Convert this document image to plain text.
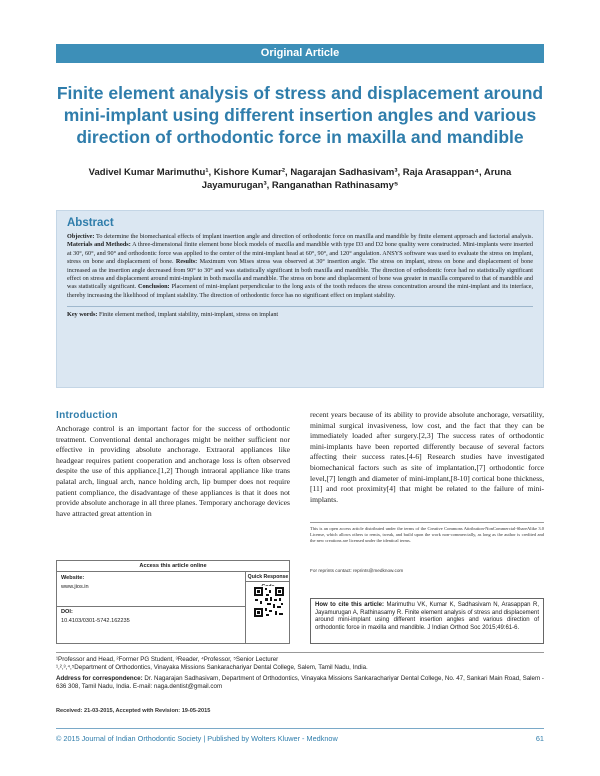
Original Article
Finite element analysis of stress and displacement around mini-implant using different insertion angles and various direction of orthodontic force in maxilla and mandible
Vadivel Kumar Marimuthu¹, Kishore Kumar², Nagarajan Sadhasivam³, Raja Arasappan⁴, Aruna Jayamurugan³, Ranganathan Rathinasamy⁵
Abstract

Objective: To determine the biomechanical effects of implant insertion angle and direction of orthodontic force on maxilla and mandible by finite element approach and factorial analysis. Materials and Methods: A three-dimensional finite element bone block models of maxilla and mandible with type D3 and D2 bone quality were constructed. Mini-implants were inserted at 30°, 60°, and 90° and orthodontic force was applied to the center of the mini-implant head at 60°, 90°, and 120° angulation. ANSYS software was used to evaluate the stress on implant, stress on bone and displacement of bone. Results: Maximum von Mises stress was observed at 30° insertion angle. The stress on implant, stress on bone and displacement of bone increased as the insertion angle decreased from 90° to 30° and was statistically significant in both maxilla and mandible. The direction of orthodontic force had no statistically significant effect on stress and displacement around mini-implant in both maxilla and mandible. The stress on bone and displacement of bone was greater in maxilla compared to that of mandible and was statistically significant. Conclusion: Placement of mini-implant perpendicular to the long axis of the tooth reduces the stress concentration around the mini-implant and its interface, thereby increasing the likelihood of implant stability. The direction of orthodontic force has no significant effect on implant stability.

Key words: Finite element method, implant stability, mini-implant, stress on implant

Introduction

Anchorage control is an important factor for the success of orthodontic treatment. Conventional dental anchorages might be neither sufficient nor effective in providing absolute anchorage. Extraoral appliances like headgear requires patient cooperation and anchorage loss is often observed despite the use of this appliance.[1,2] Though intraoral appliance like trans palatal arch, lingual arch, nance holding arch, lip bumper does not require patient compliance, the disadvantage of these appliances is that it does not provide absolute anchorage in all three planes. Temporary anchorage devices have attracted great attention in

recent years because of its ability to provide absolute anchorage, versatility, minimal surgical invasiveness, low cost, and the fact that they can be immediately loaded after surgery.[2,3] The success rates of orthodontic mini-implants have been reported differently because of several factors affecting their success rates.[4-6] Research studies have investigated biomechanical factors such as site of implantation,[7] orthodontic force level,[7] length and diameter of mini-implant,[8-10] cortical bone thickness,[11] and root proximity[4] that might be related to the failure of mini-implants.

Access this article online
Website:
www.jios.in
DOI:
10.4103/0301-5742.162235
Quick Response
This is an open access article distributed under the terms of the Creative Commons Attribution-NonCommercial-ShareAlike 3.0 License, which allows others to remix, tweak, and build upon the work non-commercially, as long as the author is credited and the new creations are licensed under the identical terms.
For reprints contact: reprints@medknow.com
How to cite this article: Marimuthu VK, Kumar K, Sadhasivam N, Arasappan R, Jayamurugan A, Rathinasamy R. Finite element analysis of stress and displacement around mini-implant using different insertion angles and various direction of orthodontic force in maxilla and mandible. J Indian Orthod Soc 2015;49:61-6.
¹Professor and Head, ²Former PG Student, ³Reader, ⁴Professor, ⁵Senior Lecturer
¹,²,³,⁴,⁵Department of Orthodontics, Vinayaka Missions Sankarachariyar Dental College, Salem, Tamil Nadu, India.
Address for correspondence: Dr. Nagarajan Sadhasivam, Department of Orthodontics, Vinayaka Missions Sankarachariyar Dental College, No. 47, Sankari Main Road, Salem - 636 308, Tamil Nadu, India. E-mail: naga.dentist@gmail.com
Received: 21-03-2015, Accepted with Revision: 19-05-2015
© 2015 Journal of Indian Orthodontic Society | Published by Wolters Kluwer - Medknow	61
